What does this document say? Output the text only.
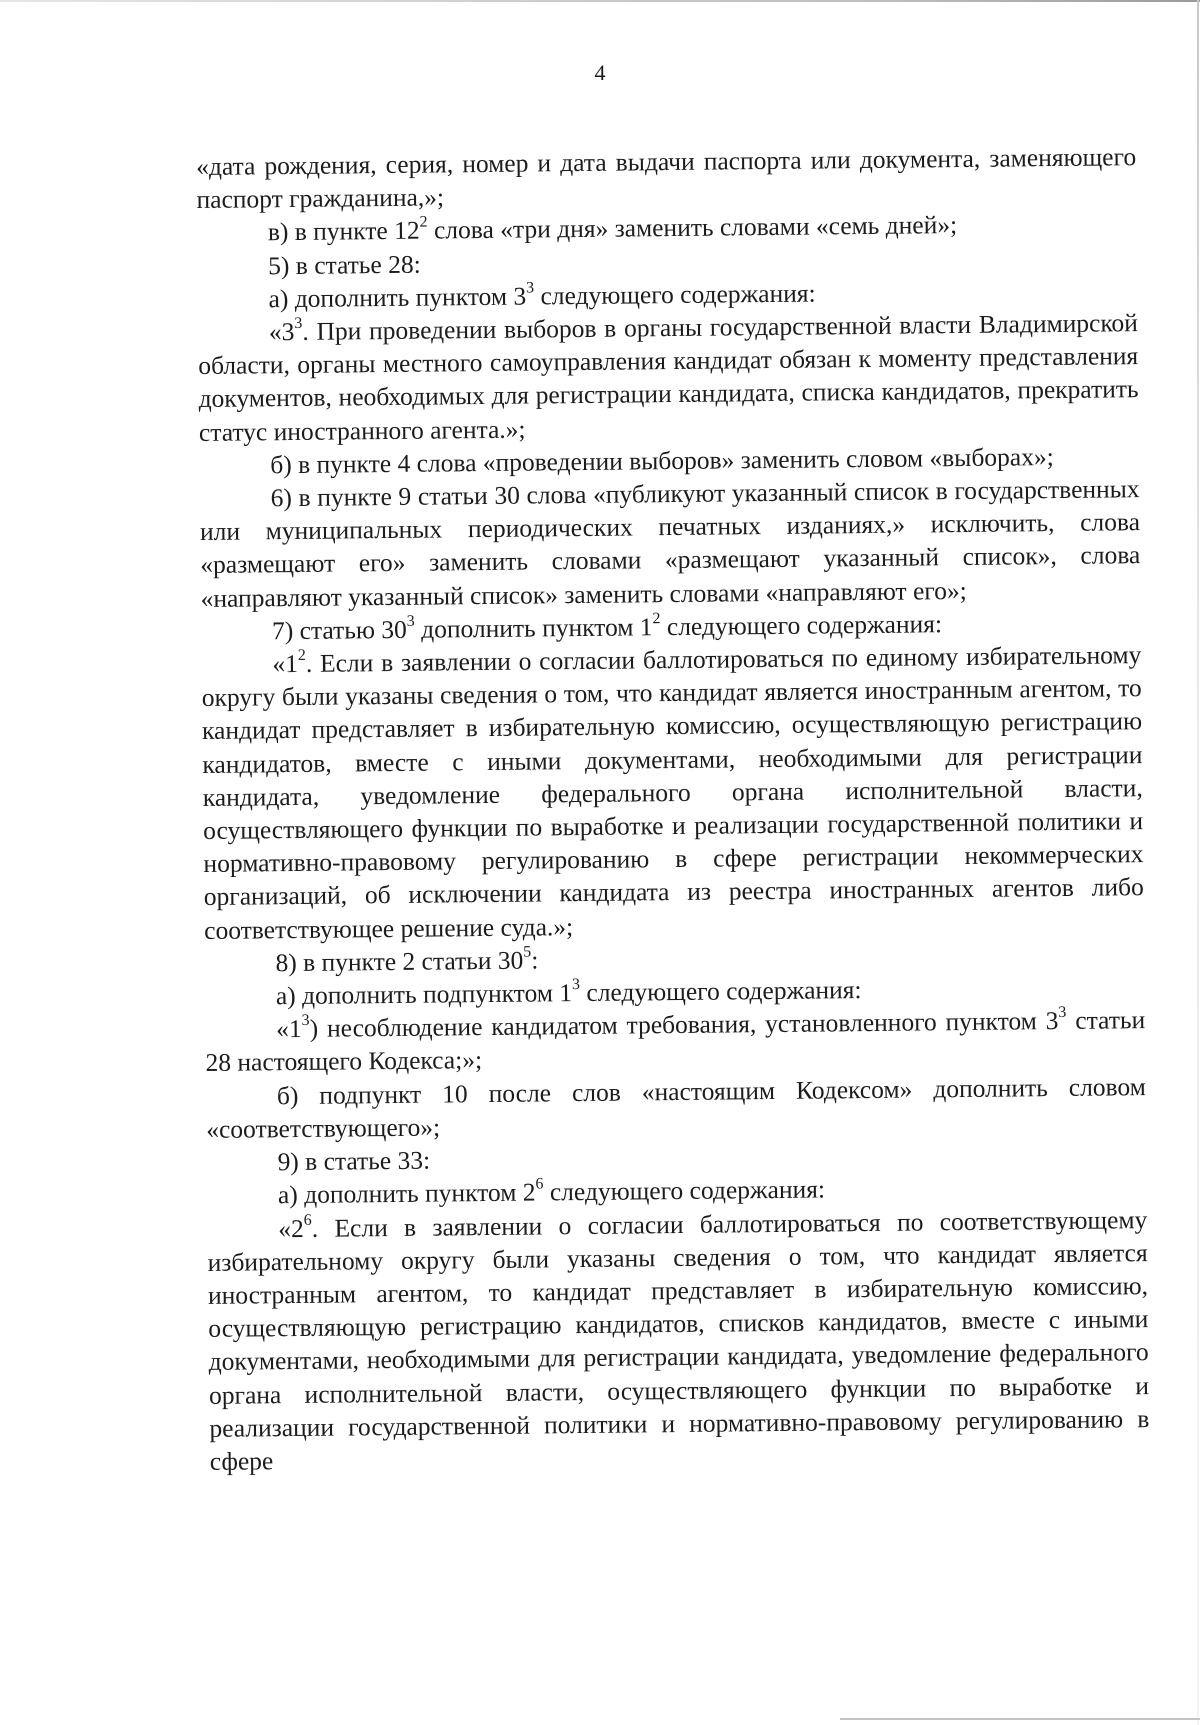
4

«дата рождения, серия, номер и дата выдачи паспорта или документа, заменяющего паспорт гражданина,»;

в) в пункте $12^2$ слова «три дня» заменить словами «семь дней»;

5) в статье 28:

а) дополнить пунктом $3^3$ следующего содержания:

«$3^3$. При проведении выборов в органы государственной власти Владимирской области, органы местного самоуправления кандидат обязан к моменту представления документов, необходимых для регистрации кандидата, списка кандидатов, прекратить статус иностранного агента.»;

б) в пункте 4 слова «проведении выборов» заменить словом «выборах»;

6) в пункте 9 статьи 30 слова «публикуют указанный список в государственных или муниципальных периодических печатных изданиях,» исключить, слова «размещают его» заменить словами «размещают указанный список», слова «направляют указанный список» заменить словами «направляют его»;

7) статью $30^3$ дополнить пунктом $1^2$ следующего содержания:

«$1^2$. Если в заявлении о согласии баллотироваться по единому избирательному округу были указаны сведения о том, что кандидат является иностранным агентом, то кандидат представляет в избирательную комиссию, осуществляющую регистрацию кандидатов, вместе с иными документами, необходимыми для регистрации кандидата, уведомление федерального органа исполнительной власти, осуществляющего функции по выработке и реализации государственной политики и нормативно-правовому регулированию в сфере регистрации некоммерческих организаций, об исключении кандидата из реестра иностранных агентов либо соответствующее решение суда.»;

8) в пункте 2 статьи $30^5$:

а) дополнить подпунктом $1^3$ следующего содержания:

«$1^3$) несоблюдение кандидатом требования, установленного пунктом $3^3$ статьи 28 настоящего Кодекса;»;

б) подпункт 10 после слов «настоящим Кодексом» дополнить словом «соответствующего»;

9) в статье 33:

а) дополнить пунктом $2^6$ следующего содержания:

«$2^6$. Если в заявлении о согласии баллотироваться по соответствующему избирательному округу были указаны сведения о том, что кандидат является иностранным агентом, то кандидат представляет в избирательную комиссию, осуществляющую регистрацию кандидатов, списков кандидатов, вместе с иными документами, необходимыми для регистрации кандидата, уведомление федерального органа исполнительной власти, осуществляющего функции по выработке и реализации государственной политики и нормативно-правовому регулированию в сфере
